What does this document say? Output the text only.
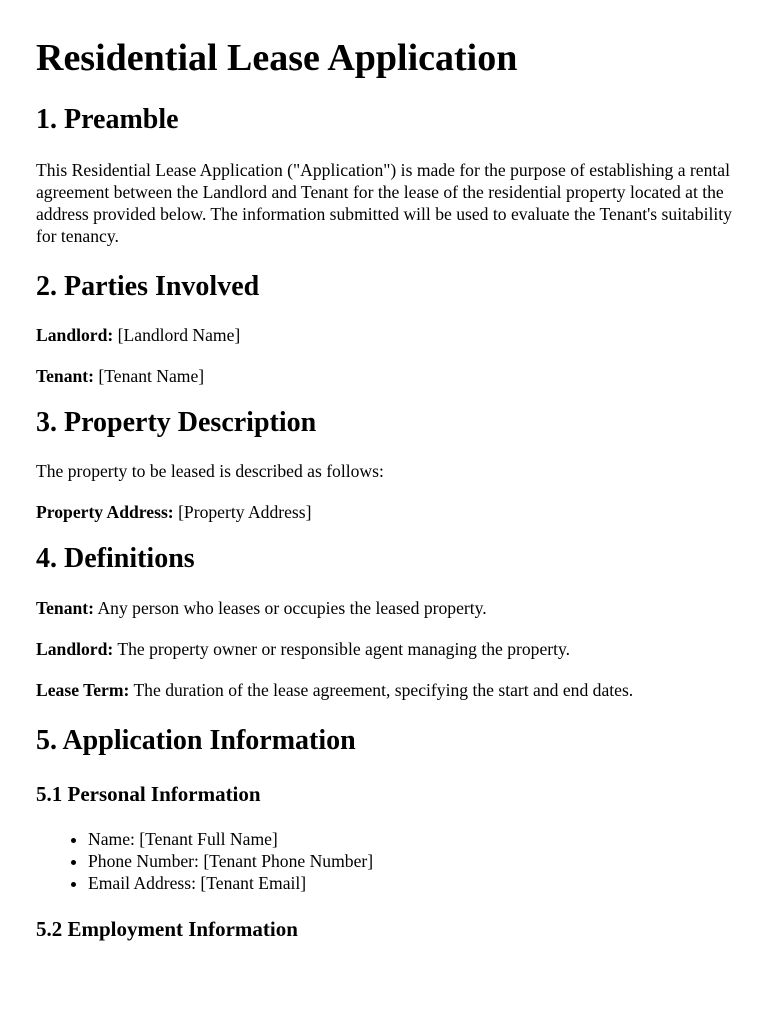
Residential Lease Application
1. Preamble

This Residential Lease Application ("Application") is made for the purpose of establishing a rental agreement between the Landlord and Tenant for the lease of the residential property located at the address provided below. The information submitted will be used to evaluate the Tenant's suitability for tenancy.

2. Parties Involved

Landlord: [Landlord Name]

Tenant: [Tenant Name]

3. Property Description

The property to be leased is described as follows:

Property Address: [Property Address]

4. Definitions

Tenant: Any person who leases or occupies the leased property.

Landlord: The property owner or responsible agent managing the property.

Lease Term: The duration of the lease agreement, specifying the start and end dates.

5. Application Information
5.1 Personal Information
• Name: [Tenant Full Name]
• Phone Number: [Tenant Phone Number]
• Email Address: [Tenant Email]
5.2 Employment Information
